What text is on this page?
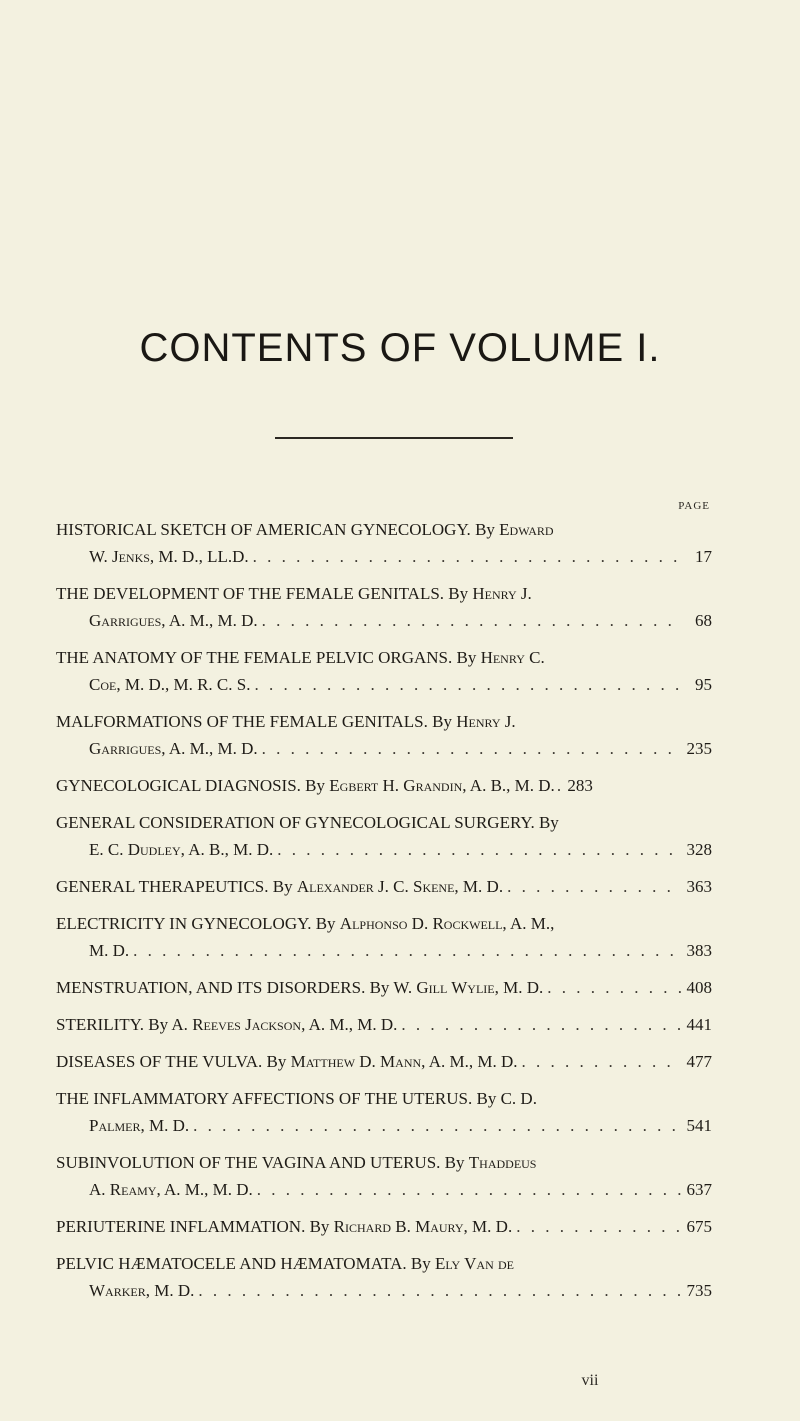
CONTENTS OF VOLUME I.
PAGE
HISTORICAL SKETCH OF AMERICAN GYNECOLOGY. By Edward
W. Jenks, M. D., LL.D. . . .	17
THE DEVELOPMENT OF THE FEMALE GENITALS. By Henry J.
Garrigues, A. M., M. D. . . .	68
THE ANATOMY OF THE FEMALE PELVIC ORGANS. By Henry C.
Coe, M. D., M. R. C. S. . . .	95
MALFORMATIONS OF THE FEMALE GENITALS. By Henry J.
Garrigues, A. M., M. D. . . .	235
GYNECOLOGICAL DIAGNOSIS.
By
Egbert H. Grandin, A. B., M. D. . . . 283
GENERAL CONSIDERATION OF GYNECOLOGICAL SURGERY. By
E. C. Dudley, A. B., M. D. . . .	328
GENERAL THERAPEUTICS.
By
Alexander J. C. Skene, M. D. . . .	363
ELECTRICITY IN GYNECOLOGY. By Alphonso D. Rockwell, A. M.,
M. D. . . .	383
MENSTRUATION, AND ITS DISORDERS.
By W.
Gill Wylie, M. D. . . .	408
STERILITY.
By A.
Reeves Jackson, A. M., M. D. . . .	441
DISEASES OF THE VULVA.
By
Matthew D. Mann, A. M., M. D. . . .	477
THE INFLAMMATORY AFFECTIONS OF THE UTERUS. By C. D.
Palmer, M. D. . . .	541
SUBINVOLUTION OF THE VAGINA AND UTERUS. By Thaddeus
A. Reamy, A. M., M. D. . . .	637
PERIUTERINE INFLAMMATION.
By
Richard B. Maury, M. D. . . .	675
PELVIC HÆMATOCELE AND HÆMATOMATA. By Ely Van de
Warker, M. D. . . .	735
vii
